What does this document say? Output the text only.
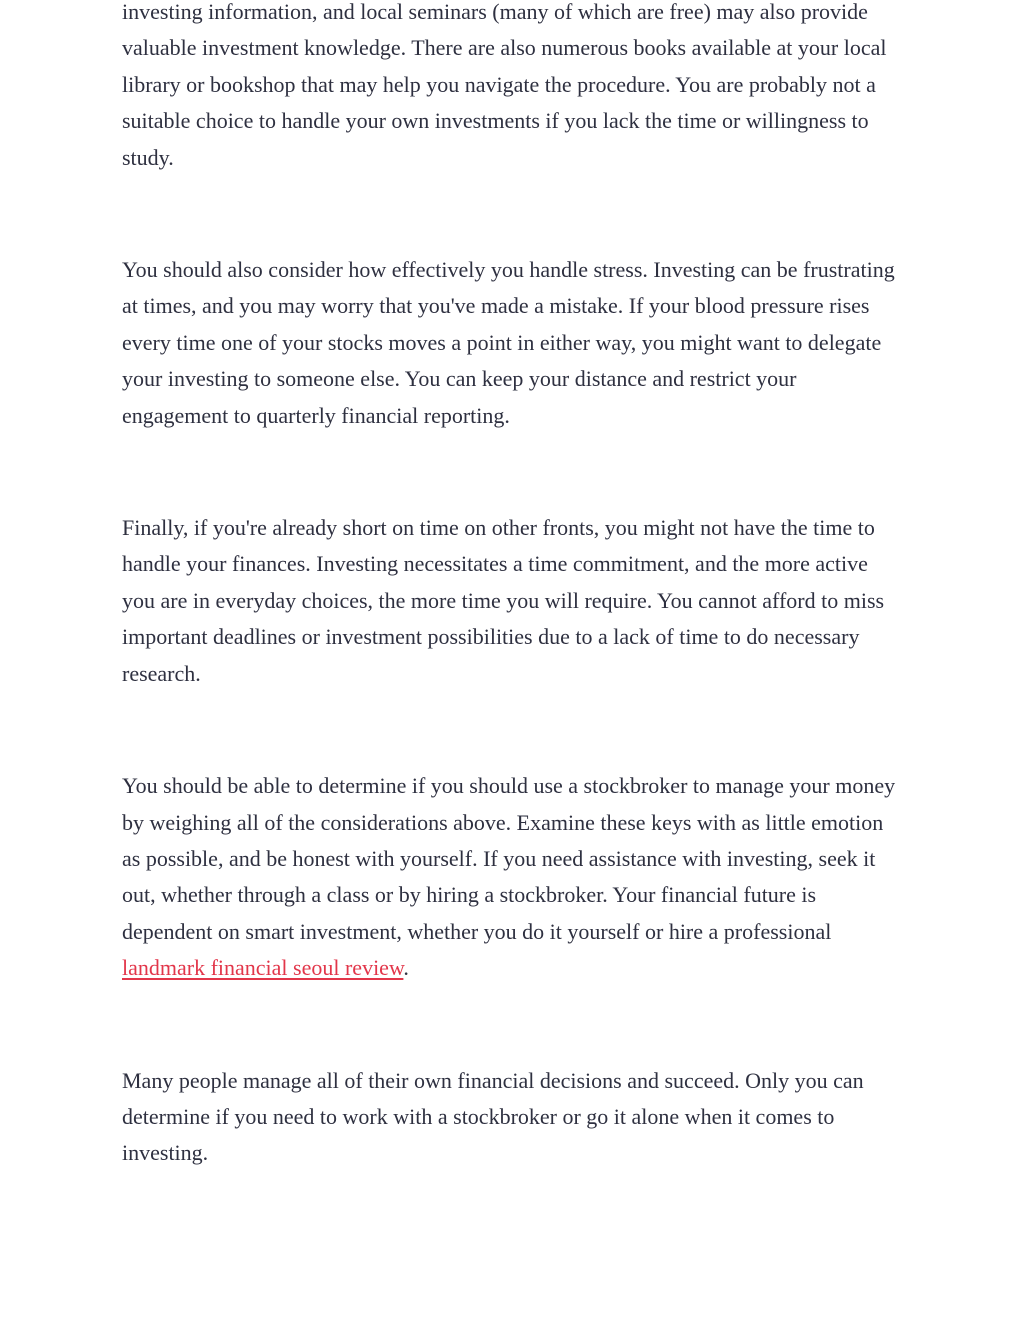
investing information, and local seminars (many of which are free) may also provide valuable investment knowledge. There are also numerous books available at your local library or bookshop that may help you navigate the procedure. You are probably not a suitable choice to handle your own investments if you lack the time or willingness to study.

You should also consider how effectively you handle stress. Investing can be frustrating at times, and you may worry that you've made a mistake. If your blood pressure rises every time one of your stocks moves a point in either way, you might want to delegate your investing to someone else. You can keep your distance and restrict your engagement to quarterly financial reporting.

Finally, if you're already short on time on other fronts, you might not have the time to handle your finances. Investing necessitates a time commitment, and the more active you are in everyday choices, the more time you will require. You cannot afford to miss important deadlines or investment possibilities due to a lack of time to do necessary research.

You should be able to determine if you should use a stockbroker to manage your money by weighing all of the considerations above. Examine these keys with as little emotion as possible, and be honest with yourself. If you need assistance with investing, seek it out, whether through a class or by hiring a stockbroker. Your financial future is dependent on smart investment, whether you do it yourself or hire a professional landmark financial seoul review.

Many people manage all of their own financial decisions and succeed. Only you can determine if you need to work with a stockbroker or go it alone when it comes to investing.
